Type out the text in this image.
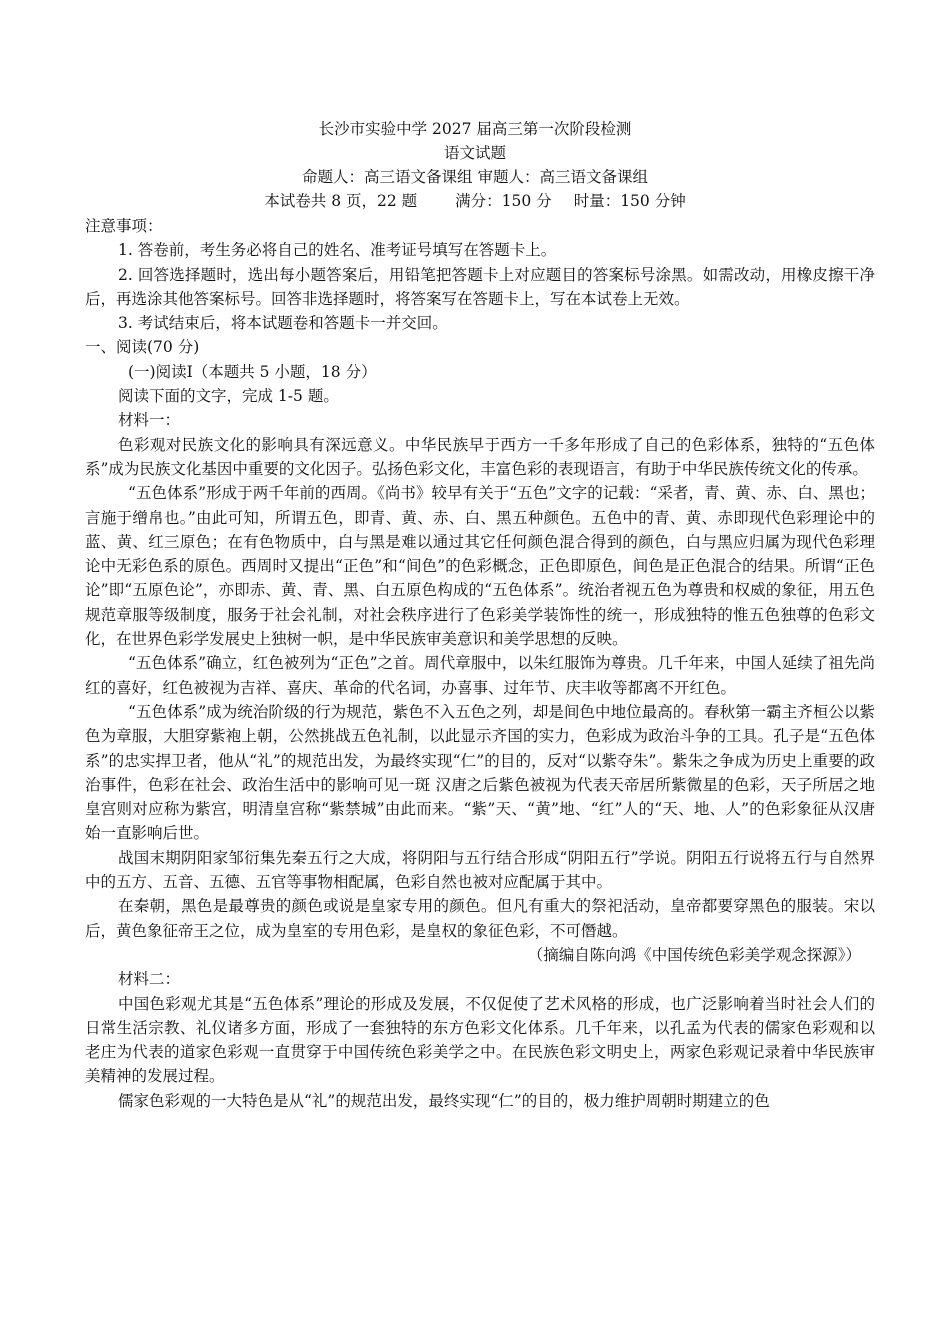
长沙市实验中学 2027 届高三第一次阶段检测
语文试题
命题人：高三语文备课组 审题人：高三语文备课组
本试卷共 8 页，22 题 满分：150 分 时量：150 分钟

注意事项：

1. 答卷前，考生务必将自己的姓名、准考证号填写在答题卡上。

2. 回答选择题时，选出每小题答案后，用铅笔把答题卡上对应题目的答案标号涂黑。如需改动，用橡皮擦干净后，再选涂其他答案标号。回答非选择题时，将答案写在答题卡上，写在本试卷上无效。

3. 考试结束后，将本试题卷和答题卡一并交回。

一、阅读(70 分)

(一)阅读Ⅰ（本题共 5 小题，18 分）

阅读下面的文字，完成 1-5 题。

材料一：

色彩观对民族文化的影响具有深远意义。中华民族早于西方一千多年形成了自己的色彩体系，独特的“五色体系”成为民族文化基因中重要的文化因子。弘扬色彩文化，丰富色彩的表现语言，有助于中华民族传统文化的传承。

“五色体系”形成于两千年前的西周。《尚书》较早有关于“五色”文字的记载：“采者，青、黄、赤、白、黑也；言施于缯帛也。”由此可知，所谓五色，即青、黄、赤、白、黑五种颜色。五色中的青、黄、赤即现代色彩理论中的蓝、黄、红三原色；在有色物质中，白与黑是难以通过其它任何颜色混合得到的颜色，白与黑应归属为现代色彩理论中无彩色系的原色。西周时又提出“正色”和“间色”的色彩概念，正色即原色，间色是正色混合的结果。所谓“正色论”即“五原色论”，亦即赤、黄、青、黑、白五原色构成的“五色体系”。统治者视五色为尊贵和权威的象征，用五色规范章服等级制度，服务于社会礼制，对社会秩序进行了色彩美学装饰性的统一，形成独特的惟五色独尊的色彩文化，在世界色彩学发展史上独树一帜，是中华民族审美意识和美学思想的反映。

“五色体系”确立，红色被列为“正色”之首。周代章服中，以朱红服饰为尊贵。几千年来，中国人延续了祖先尚红的喜好，红色被视为吉祥、喜庆、革命的代名词，办喜事、过年节、庆丰收等都离不开红色。

“五色体系”成为统治阶级的行为规范，紫色不入五色之列，却是间色中地位最高的。春秋第一霸主齐桓公以紫色为章服，大胆穿紫袍上朝，公然挑战五色礼制，以此显示齐国的实力，色彩成为政治斗争的工具。孔子是“五色体系”的忠实捍卫者，他从“礼”的规范出发，为最终实现“仁”的目的，反对“以紫夺朱”。紫朱之争成为历史上重要的政治事件，色彩在社会、政治生活中的影响可见一斑 汉唐之后紫色被视为代表天帝居所紫微星的色彩，天子所居之地皇宫则对应称为紫宫，明清皇宫称“紫禁城”由此而来。“紫”天、“黄”地、“红”人的“天、地、人”的色彩象征从汉唐始一直影响后世。

战国末期阴阳家邹衍集先秦五行之大成，将阴阳与五行结合形成“阴阳五行”学说。阴阳五行说将五行与自然界中的五方、五音、五德、五官等事物相配属，色彩自然也被对应配属于其中。

在秦朝，黑色是最尊贵的颜色或说是皇家专用的颜色。但凡有重大的祭祀活动，皇帝都要穿黑色的服装。宋以后，黄色象征帝王之位，成为皇室的专用色彩，是皇权的象征色彩，不可僭越。

（摘编自陈向鸿《中国传统色彩美学观念探源》）

材料二：

中国色彩观尤其是“五色体系”理论的形成及发展，不仅促使了艺术风格的形成，也广泛影响着当时社会人们的日常生活宗教、礼仪诸多方面，形成了一套独特的东方色彩文化体系。几千年来，以孔孟为代表的儒家色彩观和以老庄为代表的道家色彩观一直贯穿于中国传统色彩美学之中。在民族色彩文明史上，两家色彩观记录着中华民族审美精神的发展过程。

儒家色彩观的一大特色是从“礼”的规范出发，最终实现“仁”的目的，极力维护周朝时期建立的色
